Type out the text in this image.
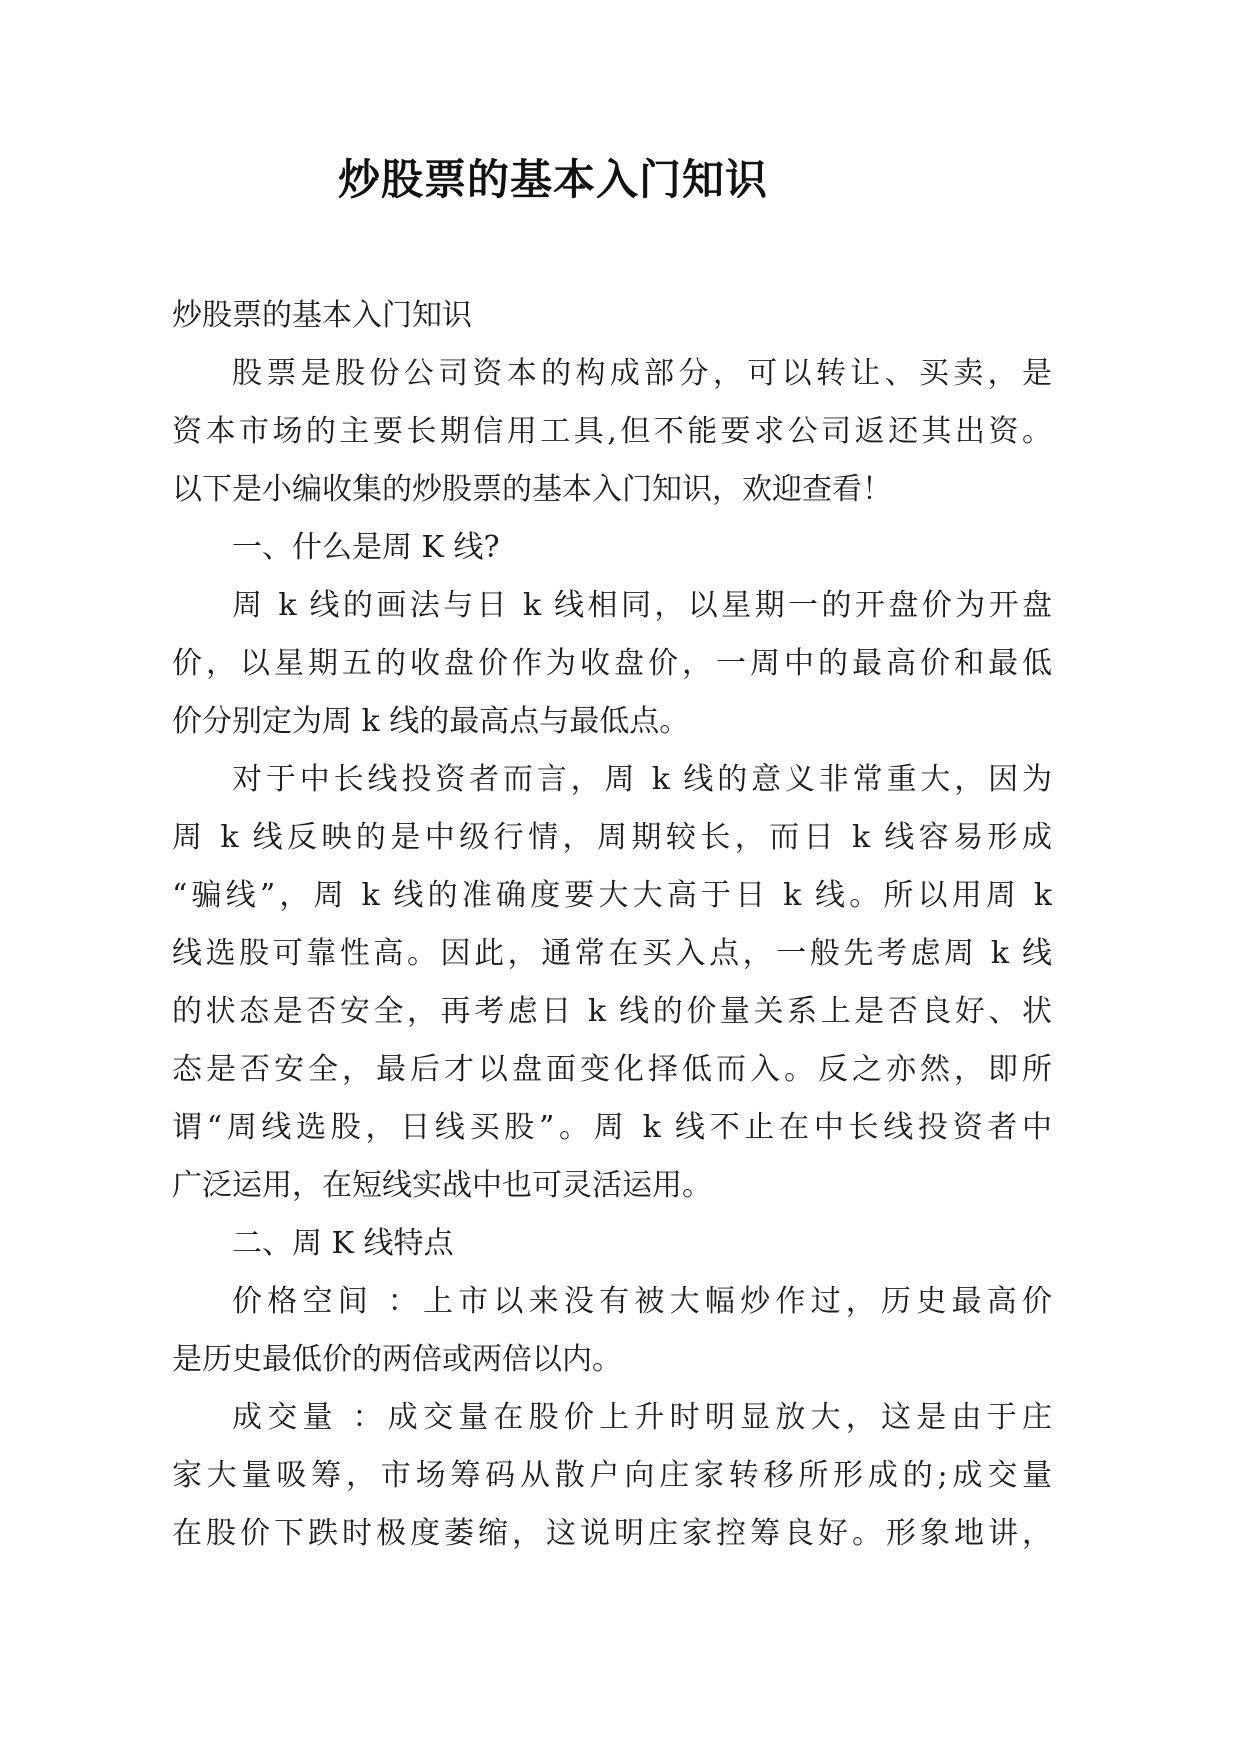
炒股票的基本入门知识
炒股票的基本入门知识
股票是股份公司资本的构成部分，可以转让、买卖，是
资本市场的主要长期信用工具,但不能要求公司返还其出资。
以下是小编收集的炒股票的基本入门知识，欢迎查看！
一、什么是周 K 线?
周 k 线的画法与日 k 线相同，以星期一的开盘价为开盘
价，以星期五的收盘价作为收盘价，一周中的最高价和最低
价分别定为周 k 线的最高点与最低点。
对于中长线投资者而言，周 k 线的意义非常重大，因为
周 k 线反映的是中级行情，周期较长，而日 k 线容易形成
“骗线”，周 k 线的准确度要大大高于日 k 线。所以用周 k
线选股可靠性高。因此，通常在买入点，一般先考虑周 k 线
的状态是否安全，再考虑日 k 线的价量关系上是否良好、状
态是否安全，最后才以盘面变化择低而入。反之亦然，即所
谓“周线选股，日线买股”。周 k 线不止在中长线投资者中
广泛运用，在短线实战中也可灵活运用。
二、周 K 线特点
价格空间 ：上市以来没有被大幅炒作过，历史最高价
是历史最低价的两倍或两倍以内。
成交量 ：成交量在股价上升时明显放大，这是由于庄
家大量吸筹，市场筹码从散户向庄家转移所形成的;成交量
在股价下跌时极度萎缩，这说明庄家控筹良好。形象地讲，
